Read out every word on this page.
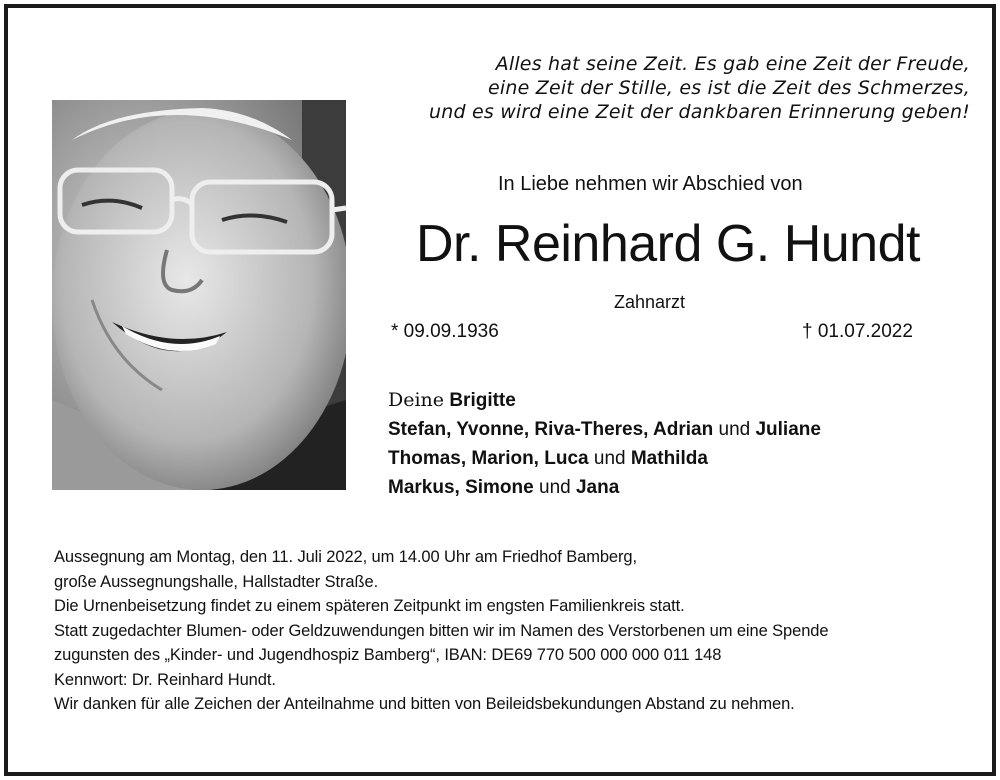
Alles hat seine Zeit. Es gab eine Zeit der Freude,
eine Zeit der Stille, es ist die Zeit des Schmerzes,
und es wird eine Zeit der dankbaren Erinnerung geben!
In Liebe nehmen wir Abschied von
Dr. Reinhard G. Hundt
Zahnarzt
* 09.09.1936	† 01.07.2022
Deine Brigitte
Stefan, Yvonne, Riva-Theres, Adrian und Juliane
Thomas, Marion, Luca und Mathilda
Markus, Simone und Jana
Aussegnung am Montag, den 11. Juli 2022, um 14.00 Uhr am Friedhof Bamberg,
große Aussegnungshalle, Hallstadter Straße.
Die Urnenbeisetzung findet zu einem späteren Zeitpunkt im engsten Familienkreis statt.
Statt zugedachter Blumen- oder Geldzuwendungen bitten wir im Namen des Verstorbenen um eine Spende
zugunsten des „Kinder- und Jugendhospiz Bamberg“, IBAN: DE69 770 500 000 000 011 148
Kennwort: Dr. Reinhard Hundt.
Wir danken für alle Zeichen der Anteilnahme und bitten von Beileidsbekundungen Abstand zu nehmen.
